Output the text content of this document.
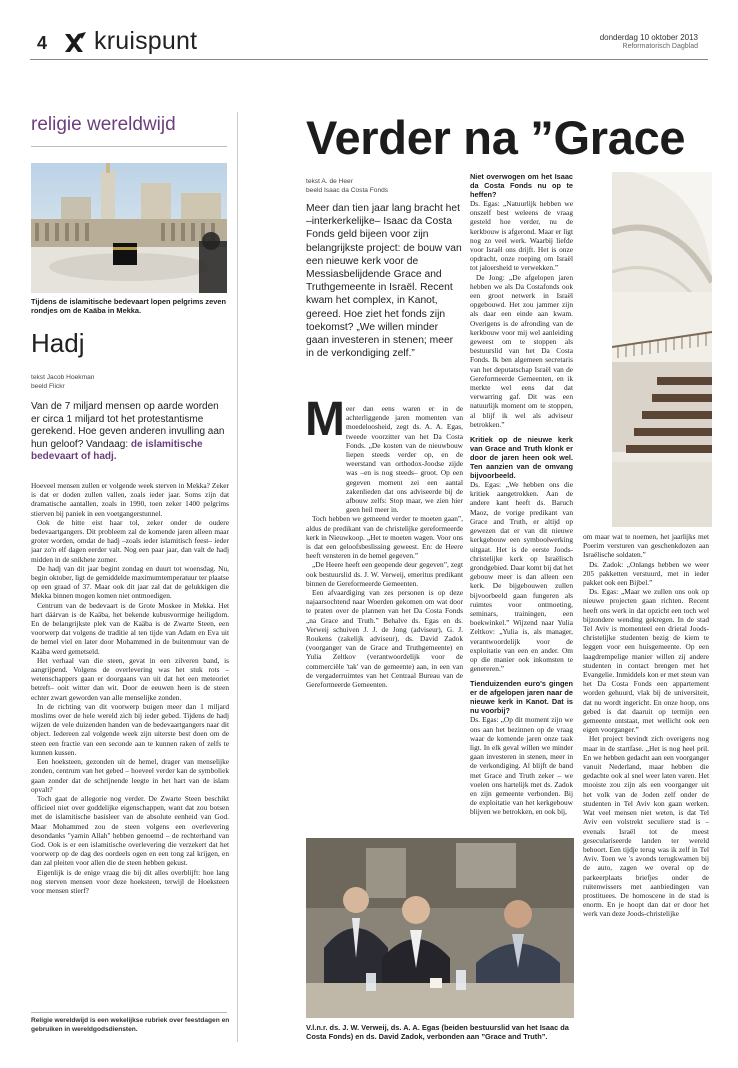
4 kruispunt	donderdag 10 oktober 2013
Reformatorisch Dagblad
religie wereldwijd
Tijdens de islamitische bedevaart lopen pelgrims zeven rondjes om de Kaäba in Mekka.
Hadj
tekst Jacob Hoekman
beeld Flickr
Van de 7 miljard mensen op aarde worden er circa 1 miljard tot het protestantisme gerekend. Hoe geven anderen invulling aan hun geloof? Vandaag: de islamitische bedevaart of hadj.

Hoeveel mensen zullen er volgende week sterven in Mekka? Zeker is dat er doden zullen vallen, zoals ieder jaar. Soms zijn dat dramatische aantallen, zoals in 1990, toen zeker 1400 pelgrims stierven bij paniek in een voetgangerstunnel.

Ook de hitte eist haar tol, zeker onder de oudere bedevaartgangers. Dit probleem zal de komende jaren alleen maar groter worden, omdat de hadj –zoals ieder islamitisch feest– ieder jaar zo'n elf dagen eerder valt. Nog een paar jaar, dan valt de hadj midden in de snikhete zomer.

De hadj van dit jaar begint zondag en duurt tot woensdag. Nu, begin oktober, ligt de gemiddelde maximumtemperatuur ter plaatse op een graad of 37. Maar ook dit jaar zal dat de gelukkigen die Mekka binnen mogen komen niet ontmoedigen.

Centrum van de bedevaart is de Grote Moskee in Mekka. Het hart dáárvan is de Kaäba, het bekende kubusvormige heiligdom. En de belangrijkste plek van de Kaäba is de Zwarte Steen, een voorwerp dat volgens de traditie al ten tijde van Adam en Eva uit de hemel viel en later door Mohammed in de buitenmuur van de Kaäba werd gemetseld.

Het verhaal van die steen, gevat in een zilveren band, is aangrijpend. Volgens de overlevering was het stuk rots –wetenschappers gaan er doorgaans van uit dat het een meteoriet betreft– ooit witter dan wit. Door de eeuwen heen is de steen echter zwart geworden van alle menselijke zonden.

In de richting van dit voorwerp buigen meer dan 1 miljard moslims over de hele wereld zich bij ieder gebed. Tijdens de hadj wijzen de vele duizenden handen van de bedevaartgangers naar dit object. Iedereen zal volgende week zijn uiterste best doen om de steen een fractie van een seconde aan te kunnen raken of zelfs te kunnen kussen.

Een hoeksteen, gezonden uit de hemel, drager van menselijke zonden, centrum van het gebed – hoeveel verder kan de symboliek gaan zonder dat de schrijnende leegte in het hart van de islam opvalt?

Toch gaat de allegorie nog verder. De Zwarte Steen beschikt officieel niet over goddelijke eigenschappen, want dat zou botsen met de islamitische basisleer van de absolute eenheid van God. Maar Mohammed zou de steen volgens een overlevering desondanks "yamin Allah" hebben genoemd – de rechterhand van God. Ook is er een islamitische overlevering die verzekert dat het voorwerp op de dag des oordeels ogen en een tong zal krijgen, en dan zal pleiten voor allen die de steen hebben gekust.

Eigenlijk is de enige vraag die bij dit alles overblijft: hoe lang nog sterven mensen voor deze hoeksteen, terwijl de Hoeksteen voor mensen stierf?

Religie wereldwijd is een wekelijkse rubriek over feestdagen en gebruiken in wereldgodsdiensten.
Verder na ”Grace
tekst A. de Heer
beeld Isaac da Costa Fonds
Meer dan tien jaar lang bracht het –interkerkelijke– Isaac da Costa Fonds geld bijeen voor zijn belangrijkste project: de bouw van een nieuwe kerk voor de Messiasbelijdende Grace and Truthgemeente in Israël. Recent kwam het complex, in Kanot, gereed. Hoe ziet het fonds zijn toekomst? „We willen minder gaan investeren in stenen; meer in de verkondiging zelf.”
M eer dan eens waren er in de achterliggende jaren momenten van moedeloosheid, zegt ds. A. A. Egas, tweede voorzitter van het Da Costa Fonds. „De kosten van de nieuwbouw liepen steeds verder op, en de weerstand van orthodox-Joodse zijde was –en is nog steeds– groot. Op een gegeven moment zei een aantal zakenlieden dat ons adviseerde bij de afbouw zelfs: Stop maar, we zien hier geen heil meer in.

Toch hebben we gemeend verder te moeten gaan”, aldus de predikant van de christelijke gereformeerde kerk in Nieuwkoop. „Het te moeten wagen. Voor ons is dat een geloofsbeslissing geweest. En: de Heere heeft vensteren in de hemel gegeven.”

„De Heere heeft een geopende deur gegeven”, zegt ook bestuurslid ds. J. W. Verweij, emeritus predikant binnen de Gereformeerde Gemeenten.

Een afvaardiging van zes personen is op deze najaarsochtend naar Woerden gekomen om wat door te praten over de plannen van het Da Costa Fonds „na Grace and Truth.” Behalve ds. Egas en ds. Verweij schuiven J. J. de Jong (adviseur), G. J. Roukens (zakelijk adviseur), ds. David Zadok (voorganger van de Grace and Truthgemeente) en Yulia Zeltkov (verantwoordelijk voor de commerciële 'tak' van de gemeente) aan, in een van de vergaderruimtes van het Centraal Bureau van de Gereformeerde Gemeenten.

Niet overwogen om het Isaac da Costa Fonds nu op te heffen?

Ds. Egas: „Natuurlijk hebben we onszelf best weleens de vraag gesteld hoe verder, nu de kerkbouw is afgerond. Maar er ligt nog zo veel werk. Waarbij liefde voor Israël ons drijft. Het is onze opdracht, onze roeping om Israël tot jaloersheid te verwekken.”

De Jong: „De afgelopen jaren hebben we als Da Costafonds ook een groot netwerk in Israël opgebouwd. Het zou jammer zijn als daar een einde aan kwam. Overigens is de afronding van de kerkbouw voor mij wel aanleiding geweest om te stoppen als bestuurslid van het Da Costa Fonds. Ik ben algemeen secretaris van het deputatschap Israël van de Gereformeerde Gemeenten, en ik merkte wel eens dat dat verwarring gaf. Dit was een natuurlijk moment om te stoppen, al blijf ik wel als adviseur betrokken.”

Kritiek op de nieuwe kerk van Grace and Truth klonk er door de jaren heen ook wel. Ten aanzien van de omvang bijvoorbeeld.

Ds. Egas: „We hebben ons die kritiek aangetrokken. Aan de andere kant heeft ds. Baruch Maoz, de vorige predikant van Grace and Truth, er altijd op gewezen dat er van dit nieuwe kerkgebouw een symboolwerking uitgaat. Het is de eerste Joods-christelijke kerk op Israëlisch grondgebied. Daar komt bij dat het gebouw meer is dan alleen een kerk. De bijgebouwen zullen bijvoorbeeld gaan fungeren als ruimtes voor ontmoeting, seminars, trainingen, een boekwinkel.” Wijzend naar Yulia Zeltkov: „Yulia is, als manager, verantwoordelijk voor de exploitatie van een en ander. Om op die manier ook inkomsten te genereren.”

Tienduizenden euro's gingen er de afgelopen jaren naar de nieuwe kerk in Kanot. Dat is nu voorbij?

Ds. Egas: „Op dit moment zijn we ons aan het bezinnen op de vraag waar de komende jaren onze taak ligt. In elk geval willen we minder gaan investeren in stenen, meer in de verkondiging. Al blijft de band met Grace and Truth zeker – we voelen ons hartelijk met ds. Zadok en zijn gemeente verbonden. Bij de exploitatie van het kerkgebouw blijven we betrokken, en ook bij,

om maar wat te noemen, het jaarlijks met Poerim versturen van geschenkdozen aan Israëlische soldaten.”

Ds. Zadok: „Onlangs hebben we weer 205 pakketten verstuurd, met in ieder pakket ook een Bijbel.”

Ds. Egas: „Maar we zullen ons ook op nieuwe projecten gaan richten. Recent heeft ons werk in dat opzicht een toch wel bijzondere wending gekregen. In de stad Tel Aviv is momenteel een drietal Joods-christelijke studenten bezig de kiem te leggen voor een huisgemeente. Op een laagdrempelige manier willen zij andere studenten in contact brengen met het Evangelie. Inmiddels kon er met steun van het Da Costa Fonds een appartement worden gehuurd, vlak bij de universiteit, dat nu wordt ingericht. En onze hoop, ons gebed is dat daaruit op termijn een gemeente ontstaat, met wellicht ook een eigen voorganger.”

Het project bevindt zich overigens nog maar in de startfase. „Het is nog heel pril. En we hebben gedacht aan een voorganger vanuit Nederland, maar hebben die gedachte ook al snel weer laten varen. Het mooiste zou zijn als een voorganger uit het volk van de Joden zelf onder de studenten in Tel Aviv kon gaan werken. Wat veel mensen niet weten, is dat Tel Aviv een volstrekt seculiere stad is – evenals Israël tot de meest geseculariseerde landen ter wereld behoort. Een tijdje terug was ik zelf in Tel Aviv. Toen we 's avonds terugkwamen bij de auto, zagen we overal op de parkeerplaats briefjes onder de ruitenwissers met aanbiedingen van prostituees. De homoscene in de stad is enorm. En je hoopt dan dat er door het werk van deze Joods-christelijke

V.l.n.r. ds. J. W. Verweij, ds. A. A. Egas (beiden bestuurslid van het Isaac da Costa Fonds) en ds. David Zadok, verbonden aan ”Grace and Truth”.
